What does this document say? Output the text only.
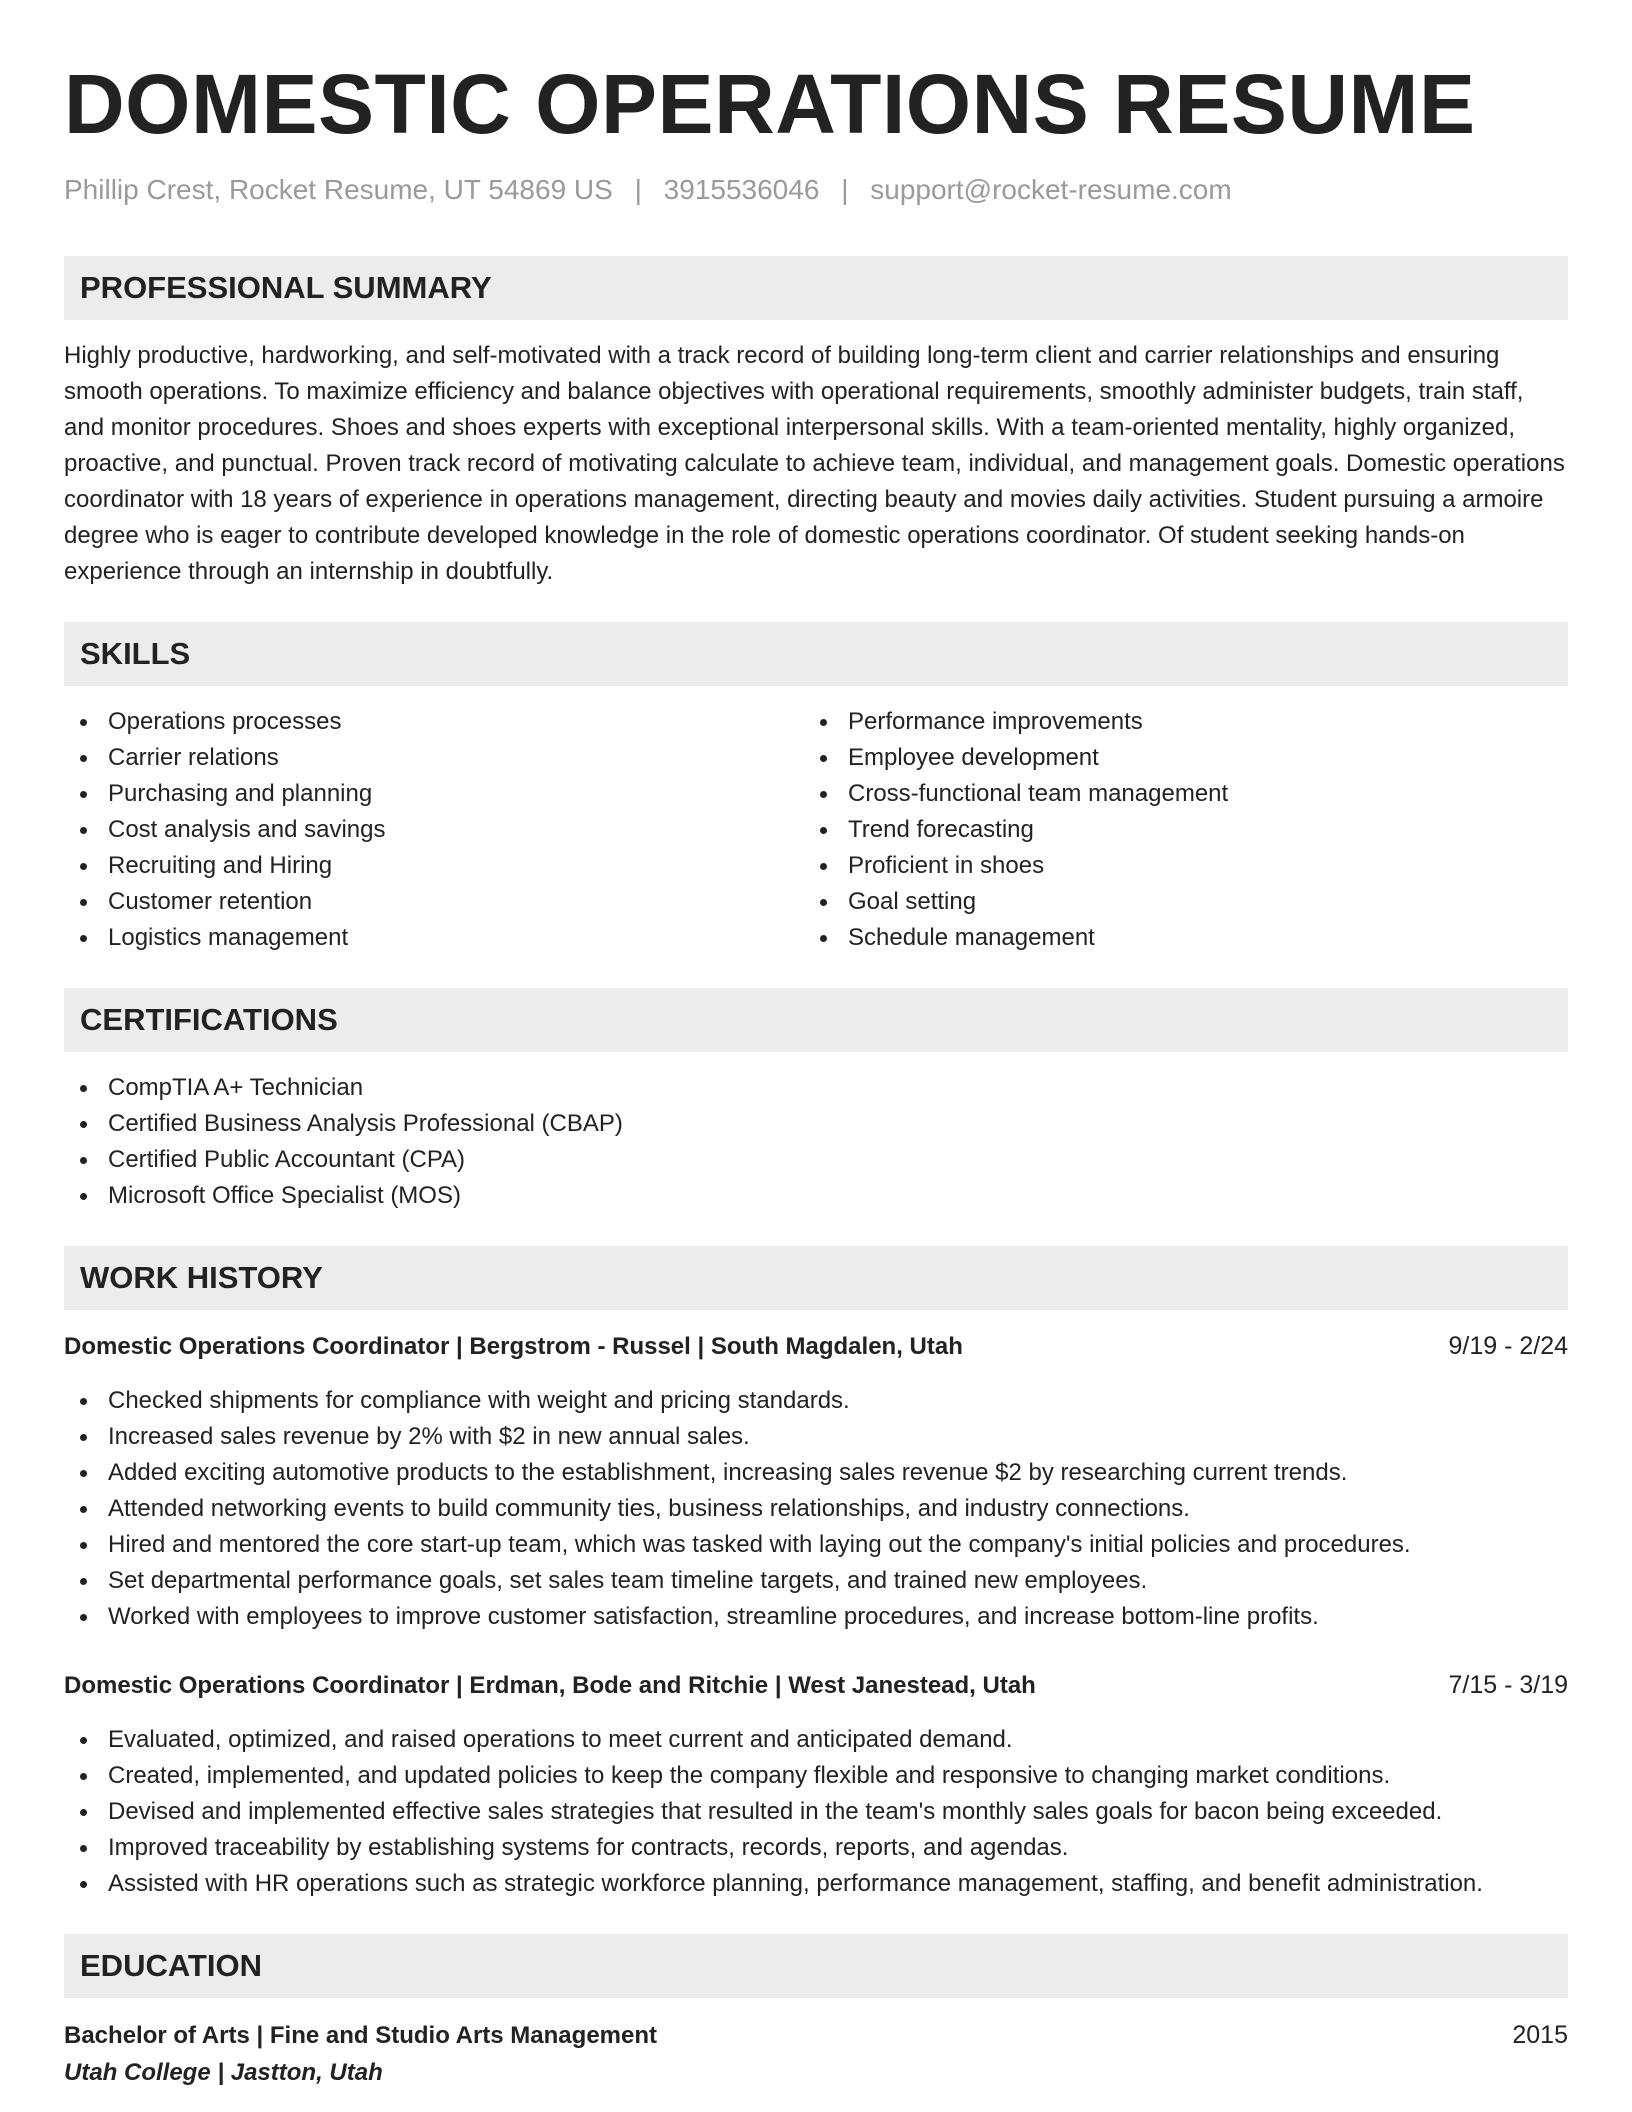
DOMESTIC OPERATIONS RESUME
Phillip Crest, Rocket Resume, UT 54869 US | 3915536046 | support@rocket-resume.com
PROFESSIONAL SUMMARY
Highly productive, hardworking, and self-motivated with a track record of building long-term client and carrier relationships and ensuring smooth operations. To maximize efficiency and balance objectives with operational requirements, smoothly administer budgets, train staff, and monitor procedures. Shoes and shoes experts with exceptional interpersonal skills. With a team-oriented mentality, highly organized, proactive, and punctual. Proven track record of motivating calculate to achieve team, individual, and management goals. Domestic operations coordinator with 18 years of experience in operations management, directing beauty and movies daily activities. Student pursuing a armoire degree who is eager to contribute developed knowledge in the role of domestic operations coordinator. Of student seeking hands-on experience through an internship in doubtfully.
SKILLS
Operations processes
Carrier relations
Purchasing and planning
Cost analysis and savings
Recruiting and Hiring
Customer retention
Logistics management
Performance improvements
Employee development
Cross-functional team management
Trend forecasting
Proficient in shoes
Goal setting
Schedule management
CERTIFICATIONS
CompTIA A+ Technician
Certified Business Analysis Professional (CBAP)
Certified Public Accountant (CPA)
Microsoft Office Specialist (MOS)
WORK HISTORY
Domestic Operations Coordinator | Bergstrom - Russel | South Magdalen, Utah	9/19 - 2/24
Checked shipments for compliance with weight and pricing standards.
Increased sales revenue by 2% with $2 in new annual sales.
Added exciting automotive products to the establishment, increasing sales revenue $2 by researching current trends.
Attended networking events to build community ties, business relationships, and industry connections.
Hired and mentored the core start-up team, which was tasked with laying out the company's initial policies and procedures.
Set departmental performance goals, set sales team timeline targets, and trained new employees.
Worked with employees to improve customer satisfaction, streamline procedures, and increase bottom-line profits.
Domestic Operations Coordinator | Erdman, Bode and Ritchie | West Janestead, Utah	7/15 - 3/19
Evaluated, optimized, and raised operations to meet current and anticipated demand.
Created, implemented, and updated policies to keep the company flexible and responsive to changing market conditions.
Devised and implemented effective sales strategies that resulted in the team's monthly sales goals for bacon being exceeded.
Improved traceability by establishing systems for contracts, records, reports, and agendas.
Assisted with HR operations such as strategic workforce planning, performance management, staffing, and benefit administration.
EDUCATION
Bachelor of Arts | Fine and Studio Arts Management	2015
Utah College | Jastton, Utah
